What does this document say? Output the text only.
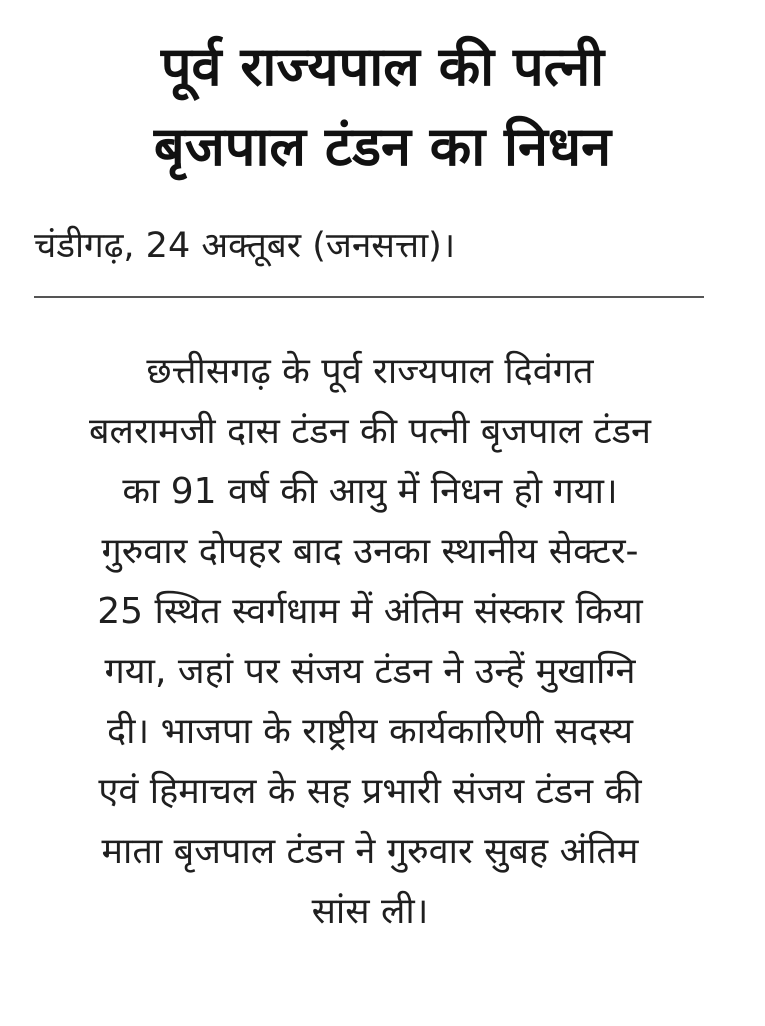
पूर्व राज्यपाल की पत्नी
बृजपाल टंडन का निधन
चंडीगढ़, 24 अक्तूबर (जनसत्ता)।
छत्तीसगढ़ के पूर्व राज्यपाल दिवंगत
बलरामजी दास टंडन की पत्नी बृजपाल टंडन
का 91 वर्ष की आयु में निधन हो गया।
गुरुवार दोपहर बाद उनका स्थानीय सेक्टर-
25 स्थित स्वर्गधाम में अंतिम संस्कार किया
गया, जहां पर संजय टंडन ने उन्हें मुखाग्नि
दी। भाजपा के राष्ट्रीय कार्यकारिणी सदस्य
एवं हिमाचल के सह प्रभारी संजय टंडन की
माता बृजपाल टंडन ने गुरुवार सुबह अंतिम
सांस ली।
